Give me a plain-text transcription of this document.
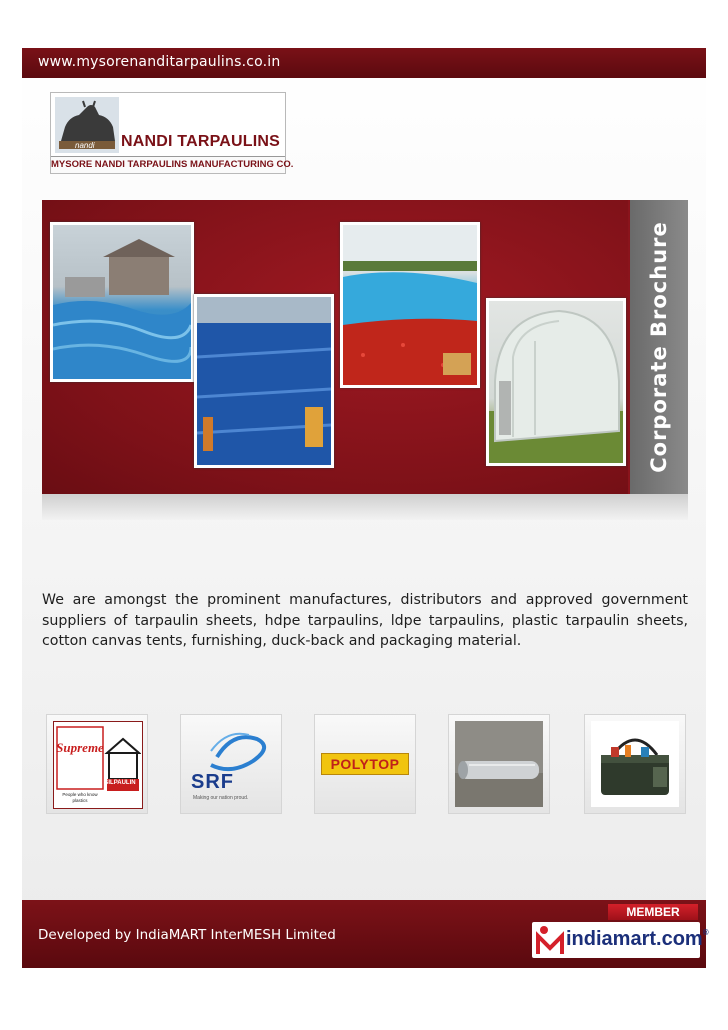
www.mysorenanditarpaulins.co.in
nandi NANDI TARPAULINS
MYSORE NANDI TARPAULINS MANUFACTURING CO.
Corporate Brochure

We are amongst the prominent manufactures, distributors and approved government suppliers of tarpaulin sheets, hdpe tarpaulins, ldpe tarpaulins, plastic tarpaulin sheets, cotton canvas tents, furnishing, duck-back and packaging material.

Supreme
People who know plastics
SILPAULIN	SRF
Making our nation proud.
POLYTOP
Developed by IndiaMART InterMESH Limited
MEMBER
indiamart.com®
